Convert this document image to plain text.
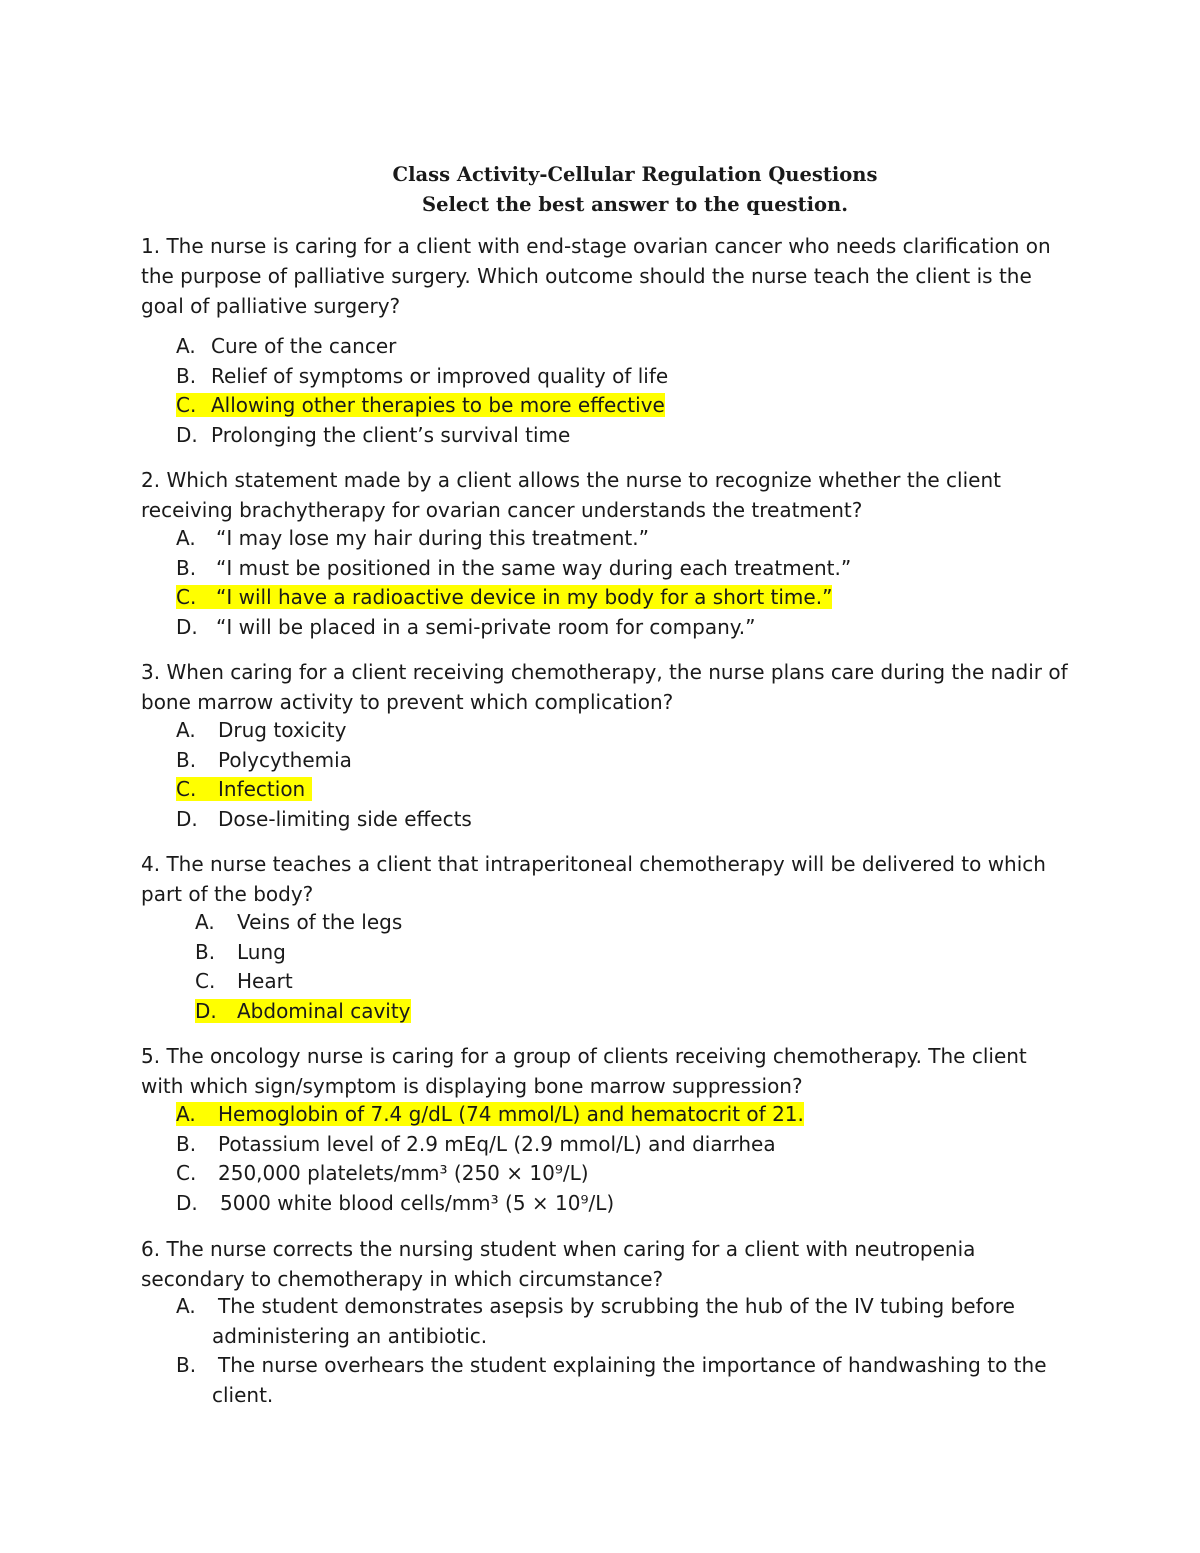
Class Activity-Cellular Regulation Questions
Select the best answer to the question.

1. The nurse is caring for a client with end-stage ovarian cancer who needs clarification on the purpose of palliative surgery. Which outcome should the nurse teach the client is the goal of palliative surgery?

A. Cure of the cancer
B. Relief of symptoms or improved quality of life
C. Allowing other therapies to be more effective
D. Prolonging the client’s survival time

2. Which statement made by a client allows the nurse to recognize whether the client receiving brachytherapy for ovarian cancer understands the treatment?

A. “I may lose my hair during this treatment.”
B. “I must be positioned in the same way during each treatment.”
C. “I will have a radioactive device in my body for a short time.”
D. “I will be placed in a semi-private room for company.”

3. When caring for a client receiving chemotherapy, the nurse plans care during the nadir of bone marrow activity to prevent which complication?

A. Drug toxicity
B. Polycythemia
C. Infection
D. Dose-limiting side effects

4. The nurse teaches a client that intraperitoneal chemotherapy will be delivered to which part of the body?

A. Veins of the legs
B. Lung
C. Heart
D. Abdominal cavity

5. The oncology nurse is caring for a group of clients receiving chemotherapy. The client with which sign/symptom is displaying bone marrow suppression?

A. Hemoglobin of 7.4 g/dL (74 mmol/L) and hematocrit of 21.
B. Potassium level of 2.9 mEq/L (2.9 mmol/L) and diarrhea
C. 250,000 platelets/mm³ (250 × 10⁹/L)
D. 5000 white blood cells/mm³ (5 × 10⁹/L)

6. The nurse corrects the nursing student when caring for a client with neutropenia secondary to chemotherapy in which circumstance?

A. The student demonstrates asepsis by scrubbing the hub of the IV tubing before administering an antibiotic.
B. The nurse overhears the student explaining the importance of handwashing to the client.
